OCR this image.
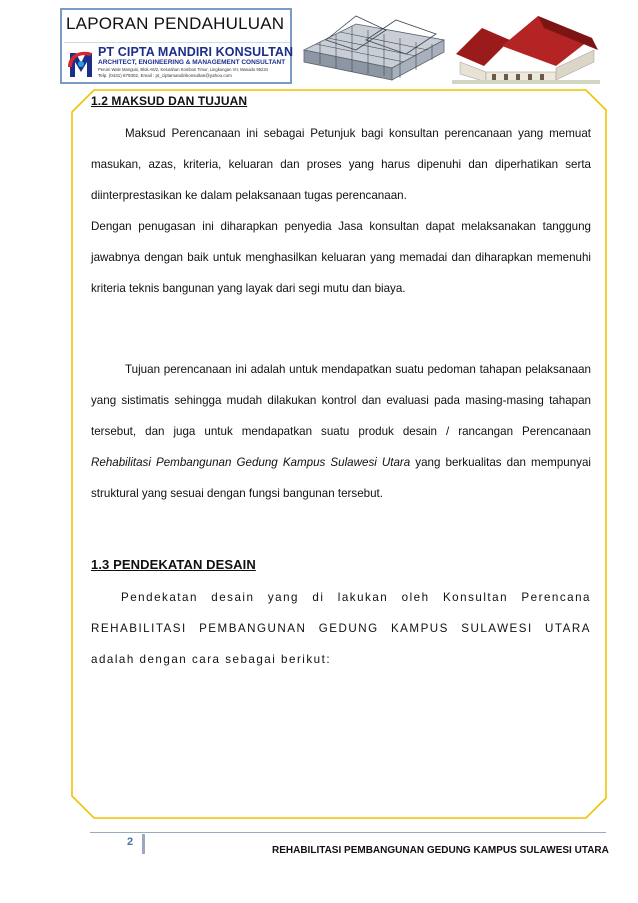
LAPORAN PENDAHULUAN
PT CIPTA MANDIRI KONSULTAN
ARCHITECT, ENGINEERING & MANAGEMENT CONSULTANT
Perum Wale Manguni, Blok A6/2, Kelurahan Kombos Timur, Lingkungan VII, Manado 95234
Telp. (0431) 879302, Email : pt_ciptamandirikonsultan@yahoo.com
1.2 MAKSUD DAN TUJUAN
Maksud Perencanaan ini sebagai Petunjuk bagi konsultan perencanaan yang memuat masukan, azas, kriteria, keluaran dan proses yang harus dipenuhi dan diperhatikan serta diinterprestasikan ke dalam pelaksanaan tugas perencanaan.
Dengan penugasan ini diharapkan penyedia Jasa konsultan dapat melaksanakan tanggung jawabnya dengan baik untuk menghasilkan keluaran yang memadai dan diharapkan memenuhi kriteria teknis bangunan yang layak dari segi mutu dan biaya.
Tujuan perencanaan ini adalah untuk mendapatkan suatu pedoman tahapan pelaksanaan yang sistimatis sehingga mudah dilakukan kontrol dan evaluasi pada masing-masing tahapan tersebut, dan juga untuk mendapatkan suatu produk desain / rancangan Perencanaan Rehabilitasi Pembangunan Gedung Kampus Sulawesi Utara yang berkualitas dan mempunyai struktural yang sesuai dengan fungsi bangunan tersebut.
1.3 PENDEKATAN DESAIN
Pendekatan desain yang di lakukan oleh Konsultan Perencana REHABILITASI PEMBANGUNAN GEDUNG KAMPUS SULAWESI UTARA adalah dengan cara sebagai berikut:
2
REHABILITASI PEMBANGUNAN GEDUNG KAMPUS SULAWESI UTARA
